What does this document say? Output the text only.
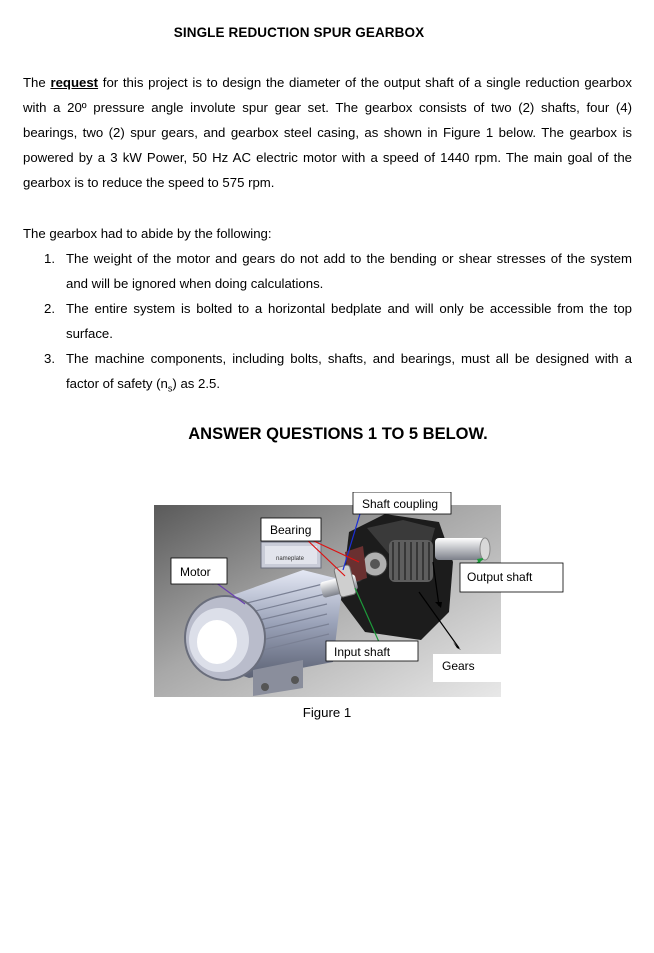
SINGLE REDUCTION SPUR GEARBOX

The request for this project is to design the diameter of the output shaft of a single reduction gearbox with a 20º pressure angle involute spur gear set. The gearbox consists of two (2) shafts, four (4) bearings, two (2) spur gears, and gearbox steel casing, as shown in Figure 1 below. The gearbox is powered by a 3 kW Power, 50 Hz AC electric motor with a speed of 1440 rpm. The main goal of the gearbox is to reduce the speed to 575 rpm.

The gearbox had to abide by the following:

1. The weight of the motor and gears do not add to the bending or shear stresses of the system and will be ignored when doing calculations.
2. The entire system is bolted to a horizontal bedplate and will only be accessible from the top surface.
3. The machine components, including bolts, shafts, and bearings, must all be designed with a factor of safety $(n_s)$ as 2.5.
ANSWER QUESTIONS 1 TO 5 BELOW.
nameplate
Shaft coupling
Bearing
Motor	Output shaft
Input shaft
Gears
Figure 1
